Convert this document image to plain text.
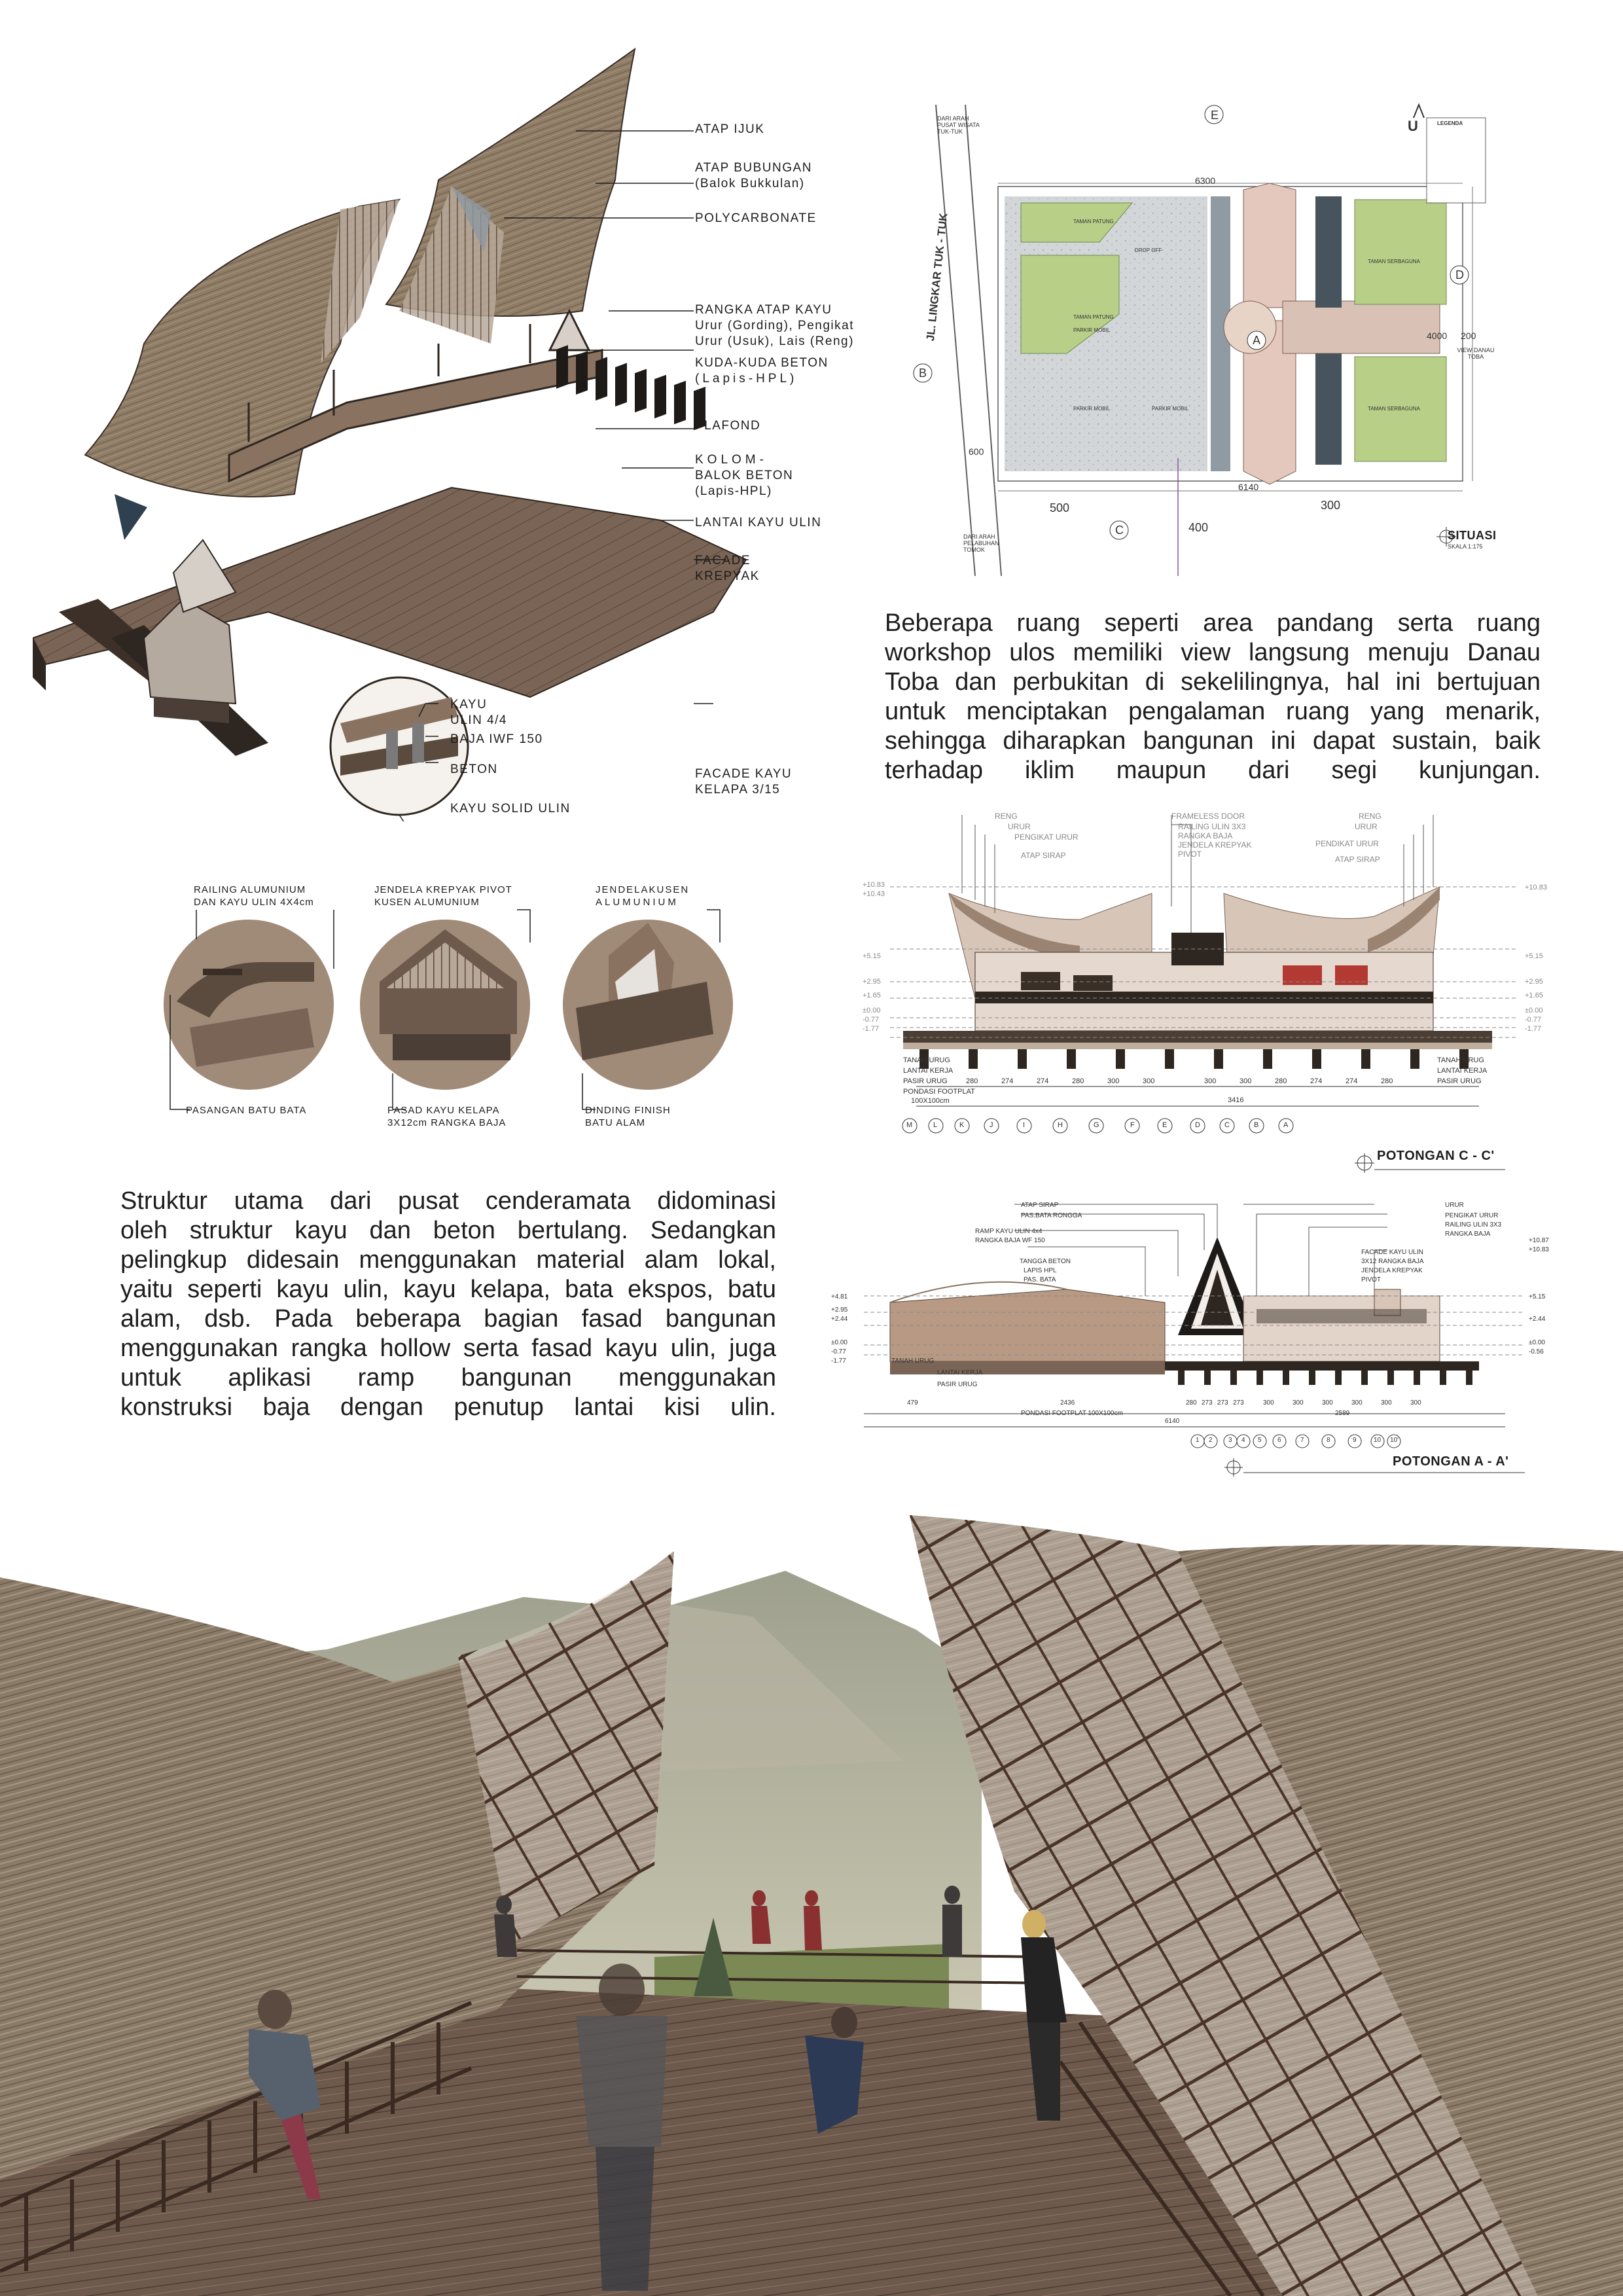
ATAP IJUK
ATAP BUBUNGAN
(Balok Bukkulan)
POLYCARBONATE
RANGKA ATAP KAYU
Urur (Gording), Pengikat
Urur (Usuk), Lais (Reng)
KUDA-KUDA BETON
(Lapis-HPL)
PLAFOND
KOLOM-
BALOK BETON
(Lapis-HPL)
LANTAI KAYU ULIN
FACADE
KREPYAK
FACADE KAYU
KELAPA 3/15
KAYU
ULIN 4/4
BAJA IWF 150
BETON
KAYU SOLID ULIN
RAILING ALUMUNIUM
DAN KAYU ULIN 4X4cm
JENDELA KREPYAK PIVOT
KUSEN ALUMUNIUM
JENDELAKUSEN
ALUMUNIUM
PASANGAN BATU BATA	FASAD KAYU KELAPA
3X12cm RANGKA BAJA
DINDING FINISH
BATU ALAM
JL. LINGKAR TUK - TUK
DARI ARAH PUSAT WISATA TUK-TUK
DARI ARAH PELABUHAN TOMOK
VIEW DANAU TOBA
E
B
D
C
A
6300
4000 200
600
500
400
300
6140
TAMAN PATUNG
DROP OFF
TAMAN PATUNG
PARKIR MOBIL
PARKIR MOBIL	PARKIR MOBIL
TAMAN SERBAGUNA
TAMAN SERBAGUNA
U	LEGENDA
SITUASI
SKALA 1:175
Beberapa ruang seperti area pandang serta ruang
workshop ulos memiliki view langsung menuju Danau
Toba dan perbukitan di sekelilingnya, hal ini bertujuan
untuk menciptakan pengalaman ruang yang menarik,
sehingga diharapkan bangunan ini dapat sustain, baik
terhadap iklim maupun dari segi kunjungan.
RENG
URUR
PENGIKAT URUR
ATAP SIRAP
FRAMELESS DOOR
RAILING ULIN 3X3
RANGKA BAJA
JENDELA KREPYAK
PIVOT
RENG
URUR
PENDIKAT URUR
ATAP SIRAP
+10.83
+10.43
+5.15
+2.95
+1.65
±0.00
-0.77
-1.77
+10.83
+5.15
+2.95
+1.65
±0.00
-0.77
-1.77
TANAH URUG
LANTAI KERJA
PASIR URUG
PONDASI FOOTPLAT
100X100cm
TANAH URUG
LANTAI KERJA
PASIR URUG
3416
280	274	274	280	300	300	300	300	280	274	274	280
M	L	K	J	I	H	G	F	E	D	C	B	A
POTONGAN C - C'
Struktur utama dari pusat cenderamata didominasi
oleh struktur kayu dan beton bertulang. Sedangkan
pelingkup didesain menggunakan material alam lokal,
yaitu seperti kayu ulin, kayu kelapa, bata ekspos, batu
alam, dsb. Pada beberapa bagian fasad bangunan
menggunakan rangka hollow serta fasad kayu ulin, juga
untuk aplikasi ramp bangunan menggunakan
konstruksi baja dengan penutup lantai kisi ulin.
ATAP SIRAP
PAS.BATA RONGGA
RAMP KAYU ULIN 4x4
RANGKA BAJA WF 150
TANGGA BETON
LAPIS HPL
PAS. BATA
URUR
PENGIKAT URUR
RAILING ULIN 3X3
RANGKA BAJA
FACADE KAYU ULIN
3X12 RANGKA BAJA
JENDELA KREPYAK
PIVOT
TANAH URUG
LANTAI KERJA
PASIR URUG
+4.81
+2.95
+2.44
±0.00
-0.77
-1.77
+10.87
+10.83
+5.15
+2.44
±0.00
-0.56
479	2436	280 273 273 273	300	300	300	300	300	300
2589
6140
PONDASI FOOTPLAT 100X100cm
1 2 3 4 5 6	7	8	9	10 10'
POTONGAN A - A'
